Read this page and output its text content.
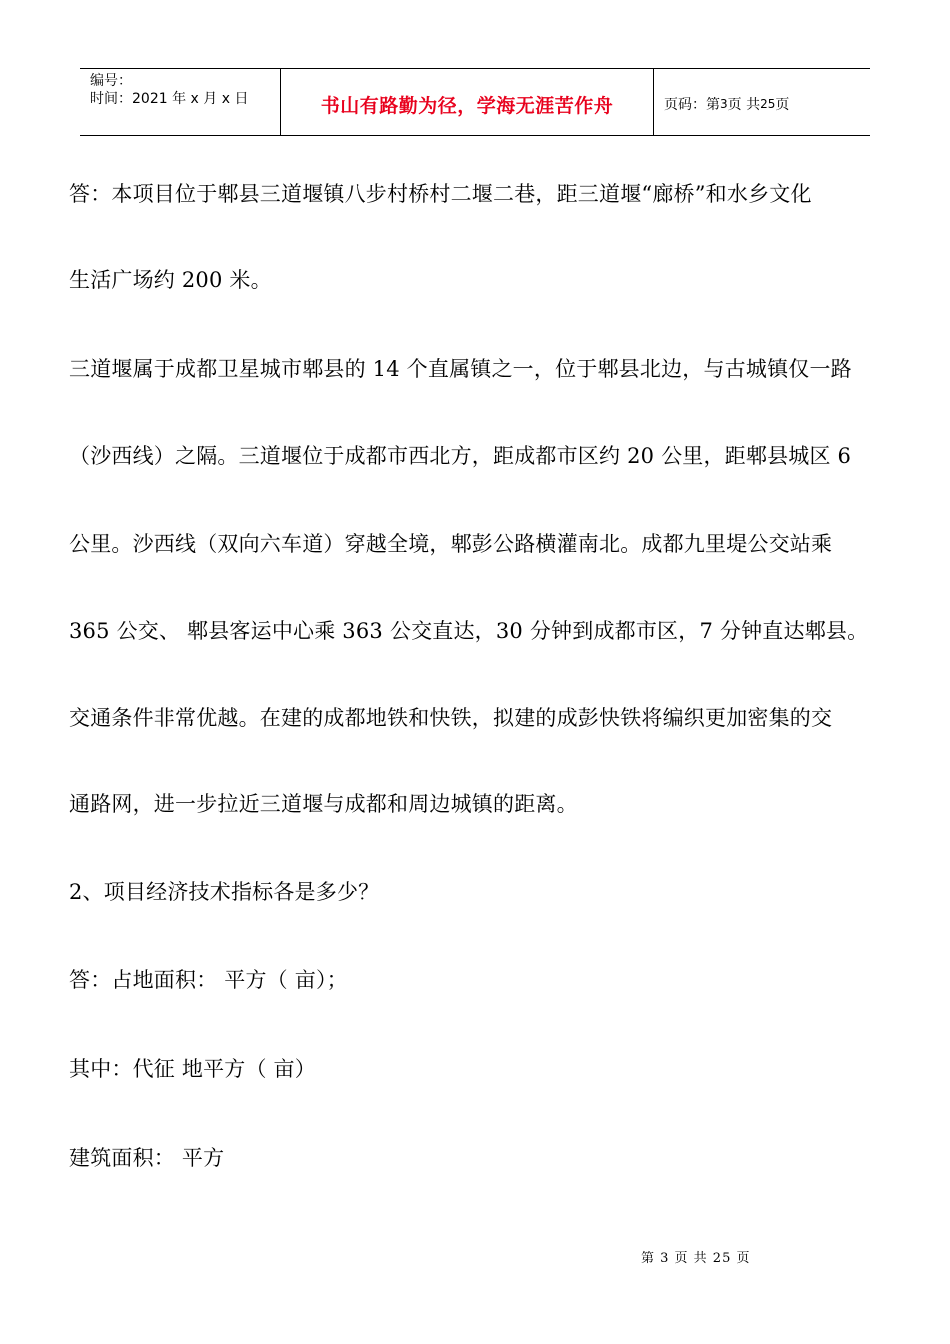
编号：
时间：2021 年 x 月 x 日	书山有路勤为径，学海无涯苦作舟	页码：第 3 页 共 25 页
答：本项目位于郫县三道堰镇八步村桥村二堰二巷，距三道堰“廊桥”和水乡文化
生活广场约 200 米。
三道堰属于成都卫星城市郫县的 14 个直属镇之一，位于郫县北边，与古城镇仅一路
（沙西线）之隔。三道堰位于成都市西北方，距成都市区约 20 公里，距郫县城区 6
公里。沙西线（双向六车道）穿越全境，郫彭公路横灌南北。成都九里堤公交站乘
365 公交、 郫县客运中心乘 363 公交直达，30 分钟到成都市区，7 分钟直达郫县。
交通条件非常优越。在建的成都地铁和快铁，拟建的成彭快铁将编织更加密集的交
通路网，进一步拉近三道堰与成都和周边城镇的距离。
2、项目经济技术指标各是多少？
答：占地面积： 平方（ 亩）；
其中：代征 地平方（ 亩）
建筑面积： 平方
第 3 页 共 25 页
